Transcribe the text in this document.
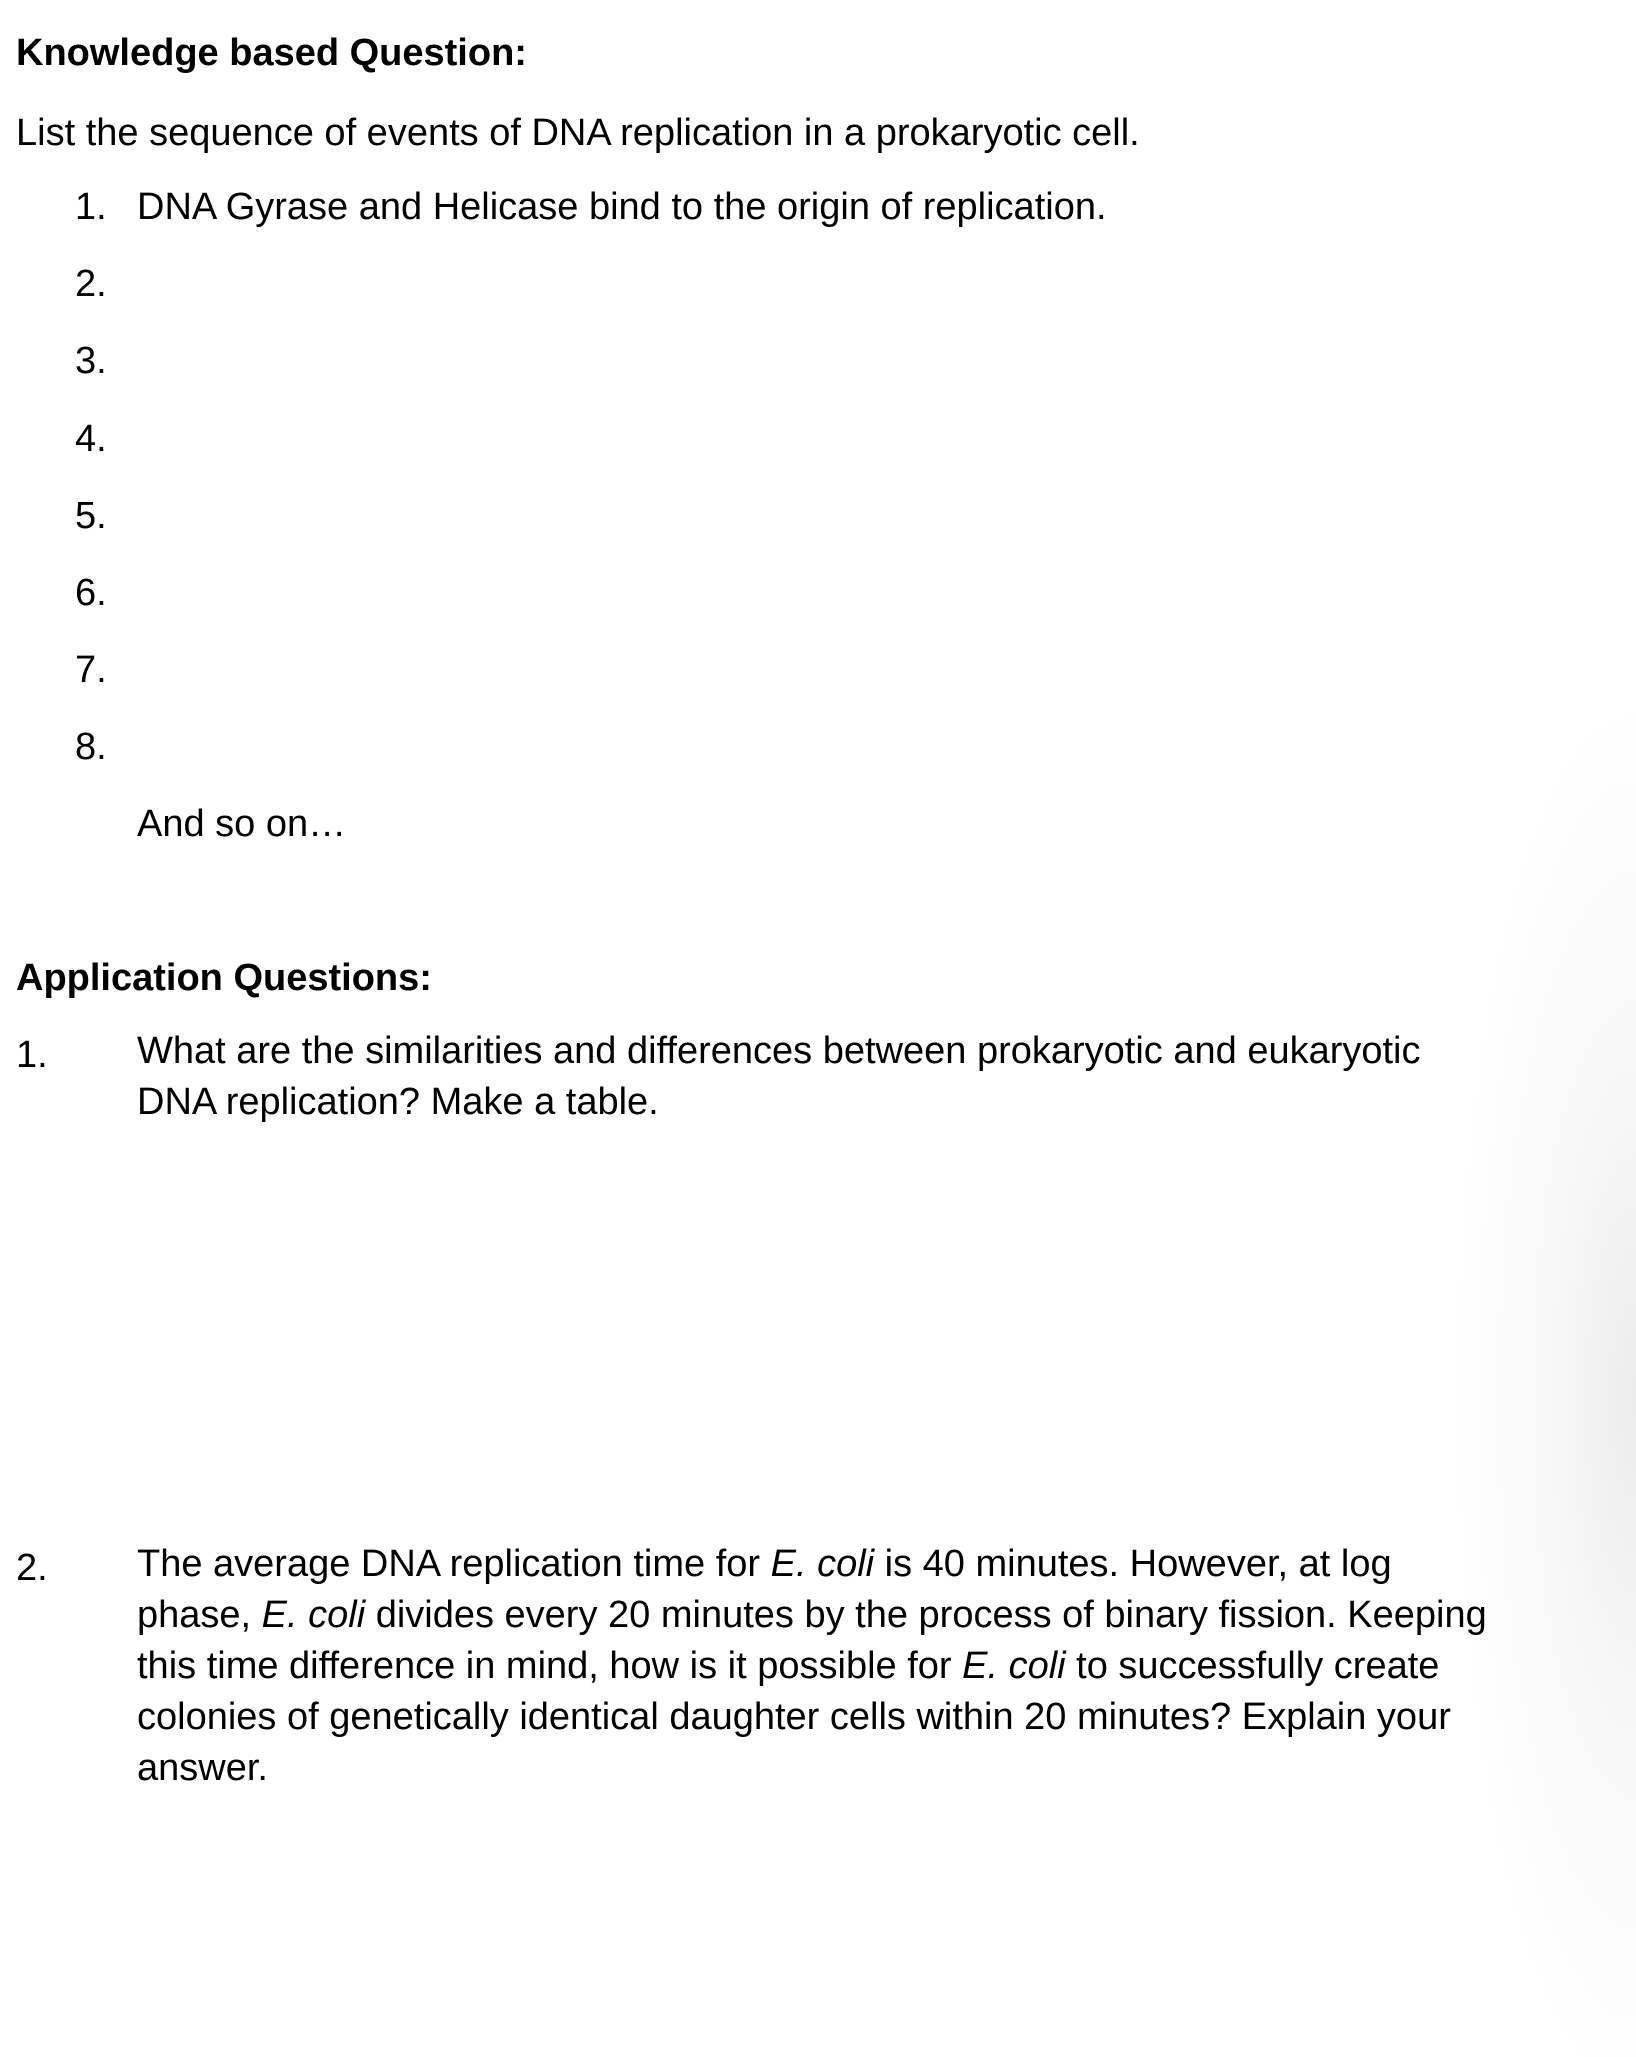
Knowledge based Question:
List the sequence of events of DNA replication in a prokaryotic cell.
1. DNA Gyrase and Helicase bind to the origin of replication.
2.
3.
4.
5.
6.
7.
8.
And so on…
Application Questions:
1. What are the similarities and differences between prokaryotic and eukaryotic
DNA replication? Make a table.
2. The average DNA replication time for E. coli is 40 minutes. However, at log
phase, E. coli divides every 20 minutes by the process of binary fission. Keeping
this time difference in mind, how is it possible for E. coli to successfully create
colonies of genetically identical daughter cells within 20 minutes? Explain your
answer.
